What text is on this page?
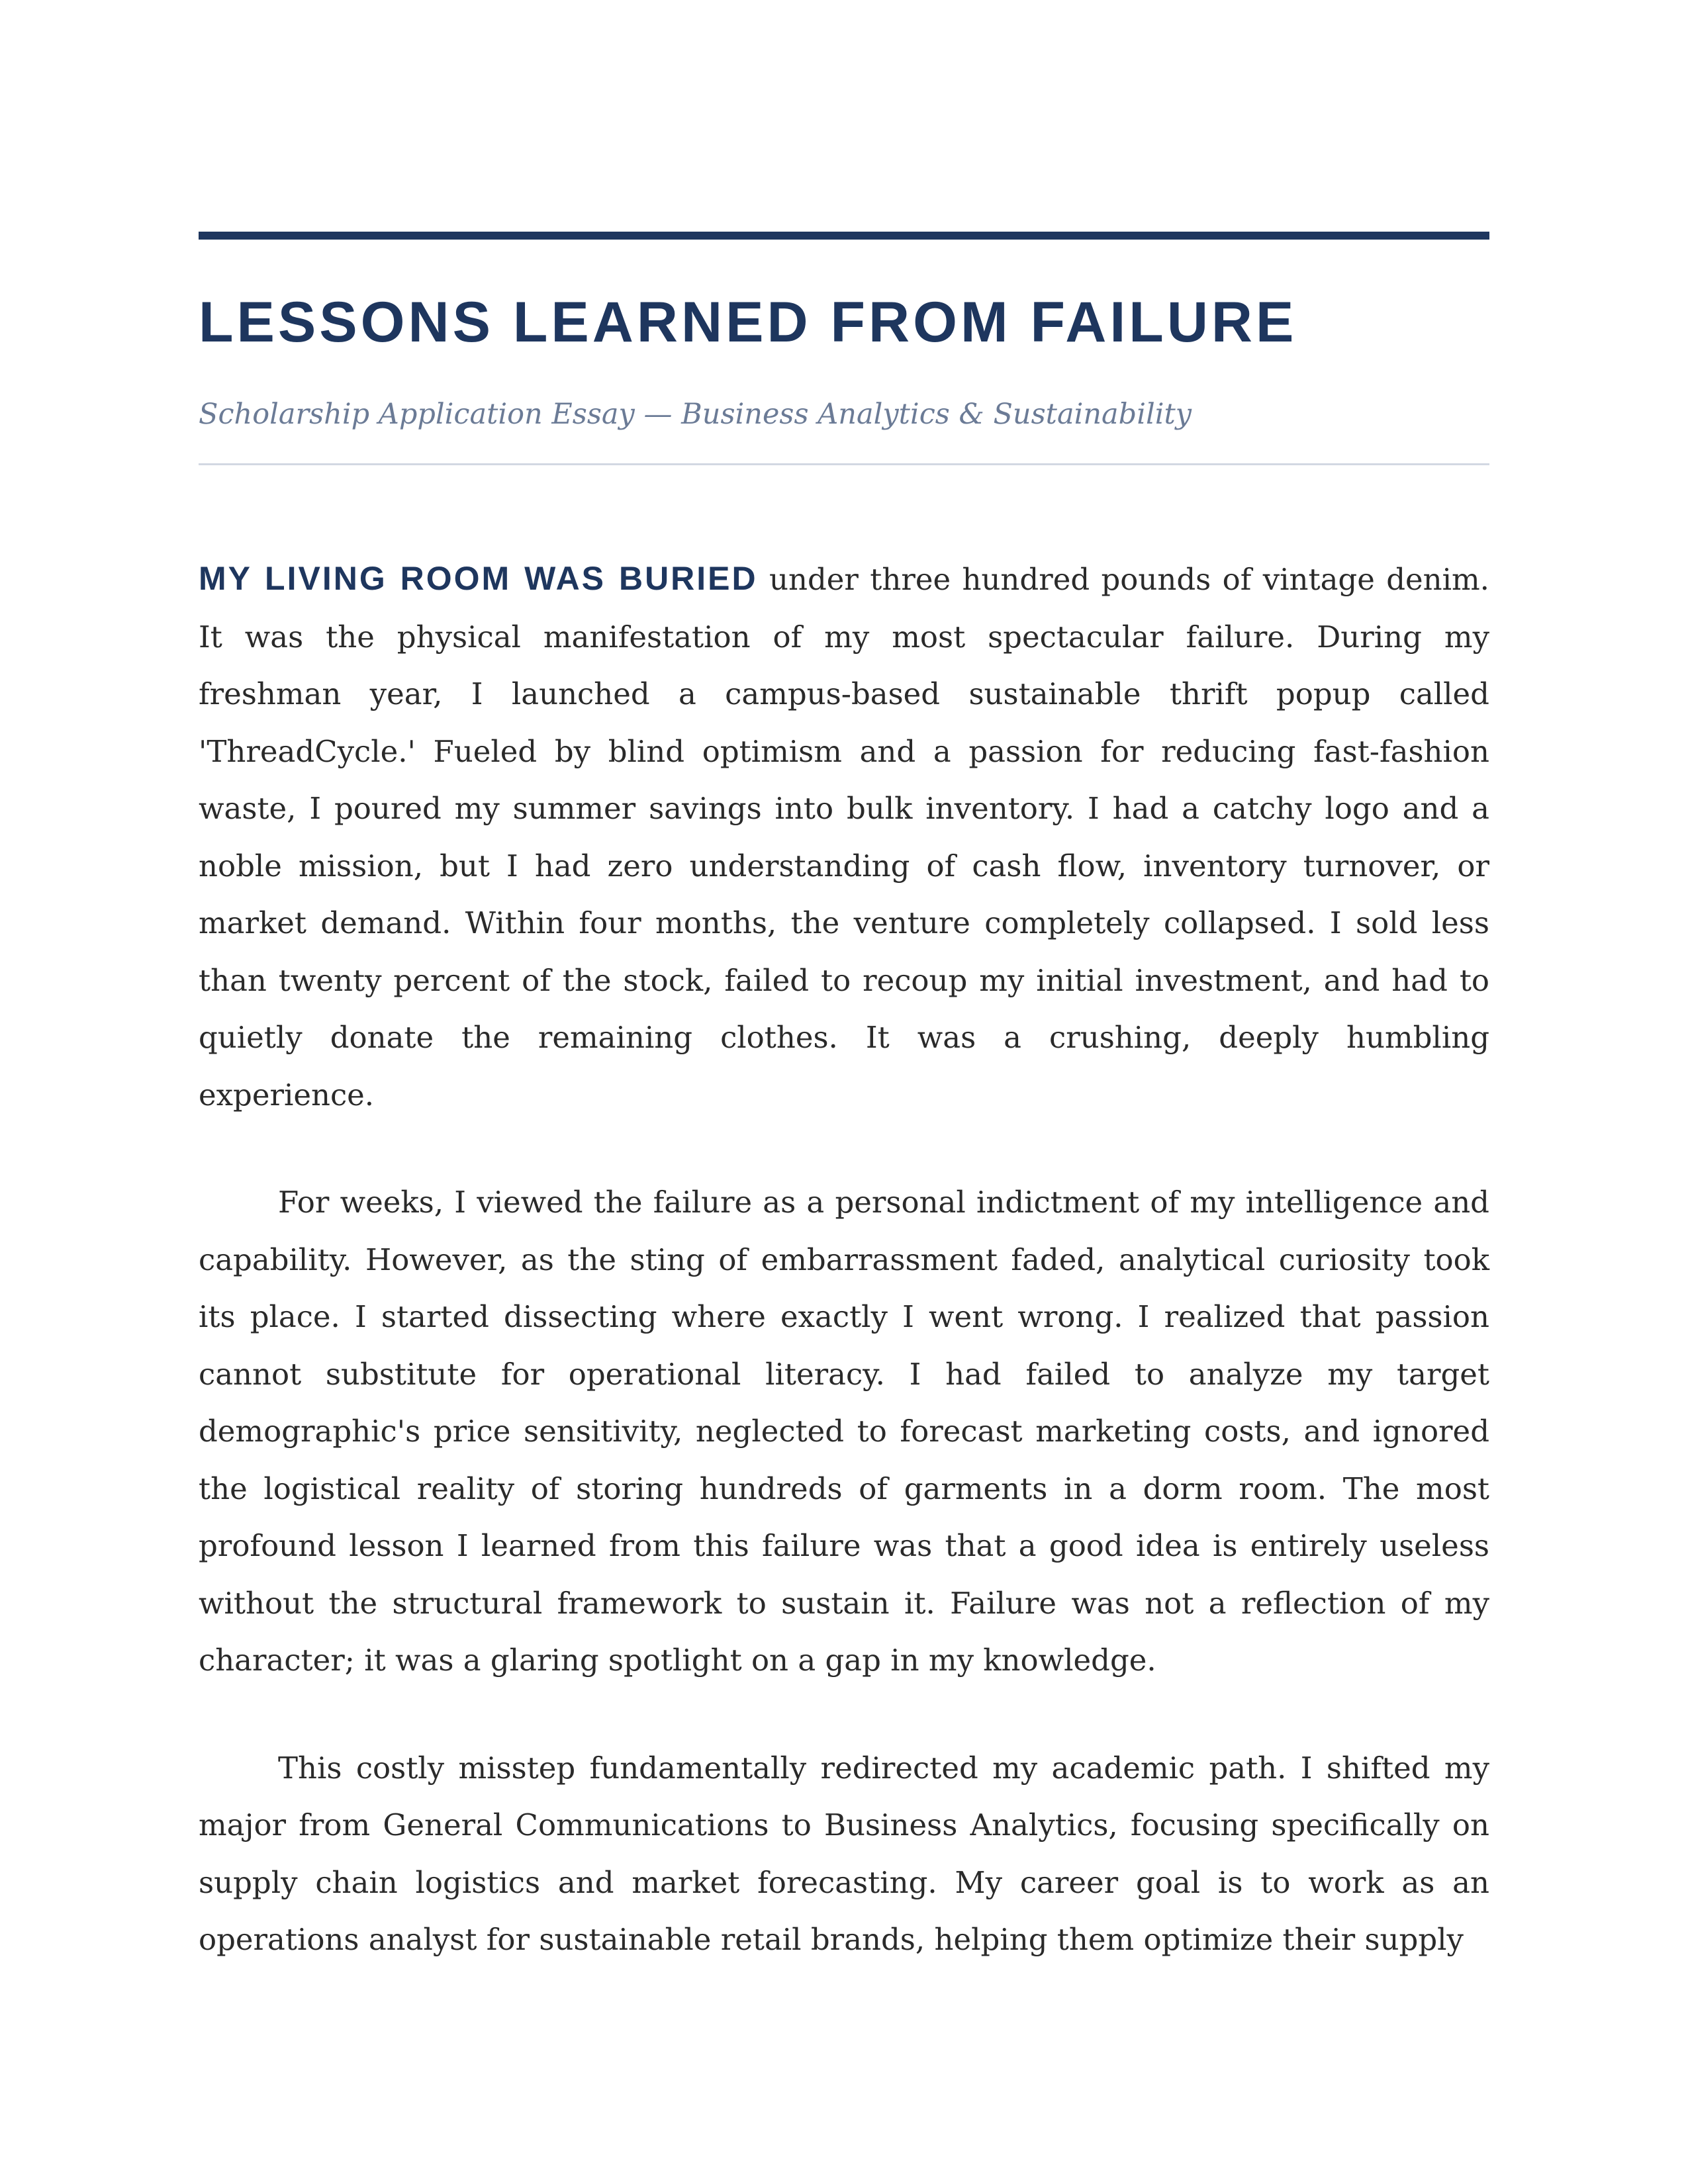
LESSONS LEARNED FROM FAILURE
Scholarship Application Essay — Business Analytics & Sustainability

MY LIVING ROOM WAS BURIED under three hundred pounds of vintage denim. It was the physical manifestation of my most spectacular failure. During my freshman year, I launched a campus-based sustainable thrift popup called 'ThreadCycle.' Fueled by blind optimism and a passion for reducing fast-fashion waste, I poured my summer savings into bulk inventory. I had a catchy logo and a noble mission, but I had zero understanding of cash flow, inventory turnover, or market demand. Within four months, the venture completely collapsed. I sold less than twenty percent of the stock, failed to recoup my initial investment, and had to quietly donate the remaining clothes. It was a crushing, deeply humbling experience.

For weeks, I viewed the failure as a personal indictment of my intelligence and capability. However, as the sting of embarrassment faded, analytical curiosity took its place. I started dissecting where exactly I went wrong. I realized that passion cannot substitute for operational literacy. I had failed to analyze my target demographic's price sensitivity, neglected to forecast marketing costs, and ignored the logistical reality of storing hundreds of garments in a dorm room. The most profound lesson I learned from this failure was that a good idea is entirely useless without the structural framework to sustain it. Failure was not a reflection of my character; it was a glaring spotlight on a gap in my knowledge.

This costly misstep fundamentally redirected my academic path. I shifted my major from General Communications to Business Analytics, focusing specifically on supply chain logistics and market forecasting. My career goal is to work as an operations analyst for sustainable retail brands, helping them optimize their supply
